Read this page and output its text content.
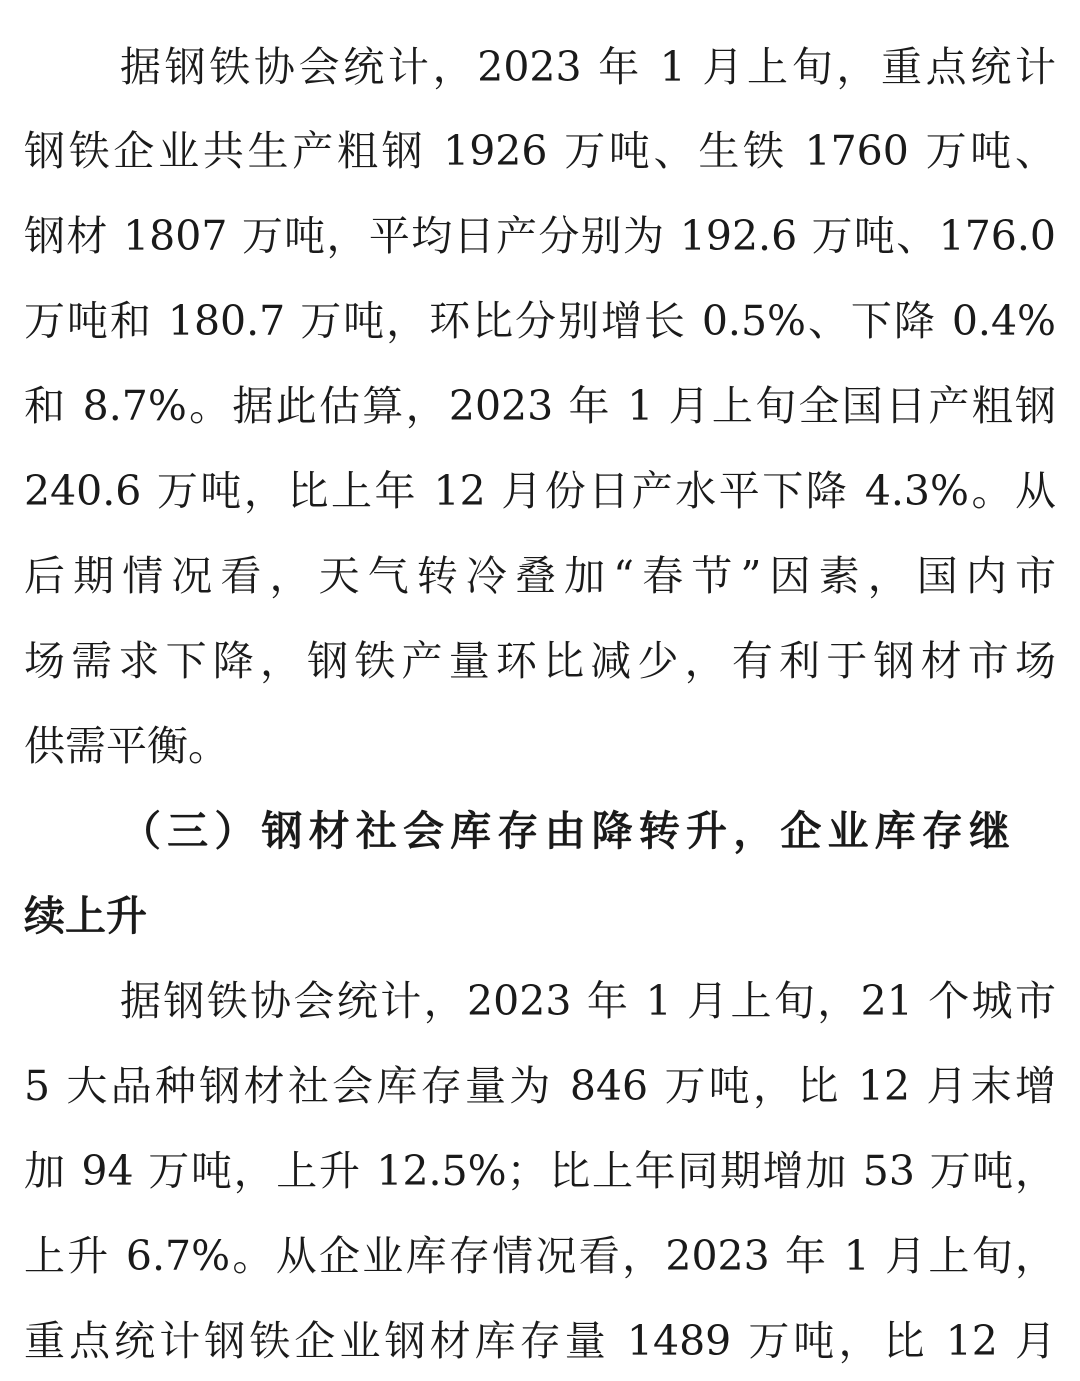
据钢铁协会统计，2023 年 1 月上旬，重点统计
钢铁企业共生产粗钢 1926 万吨、生铁 1760 万吨、
钢材 1807 万吨，平均日产分别为 192.6 万吨、176.0
万吨和 180.7 万吨，环比分别增长 0.5%、下降 0.4%
和 8.7%。据此估算，2023 年 1 月上旬全国日产粗钢
240.6 万吨，比上年 12 月份日产水平下降 4.3%。从
后期情况看，天气转冷叠加“春节”因素，国内市
场需求下降，钢铁产量环比减少，有利于钢材市场
供需平衡。
（三）钢材社会库存由降转升，企业库存继
续上升
据钢铁协会统计，2023 年 1 月上旬，21 个城市
5 大品种钢材社会库存量为 846 万吨，比 12 月末增
加 94 万吨，上升 12.5%；比上年同期增加 53 万吨，
上升 6.7%。从企业库存情况看，2023 年 1 月上旬，
重点统计钢铁企业钢材库存量 1489 万吨，比 12 月
